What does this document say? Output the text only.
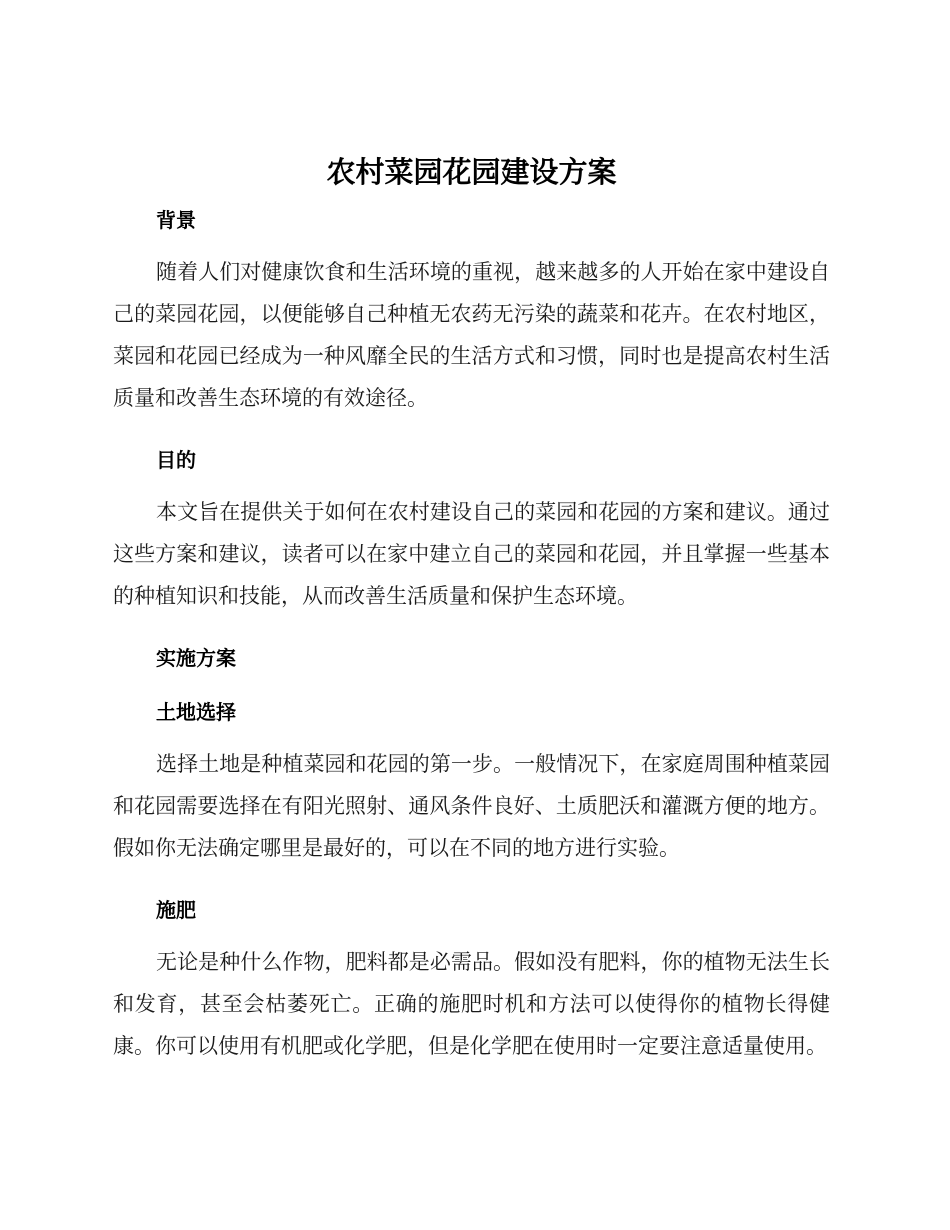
农村菜园花园建设方案
背景

随着人们对健康饮食和生活环境的重视，越来越多的人开始在家中建设自己的菜园花园，以便能够自己种植无农药无污染的蔬菜和花卉。在农村地区，菜园和花园已经成为一种风靡全民的生活方式和习惯，同时也是提高农村生活质量和改善生态环境的有效途径。

目的

本文旨在提供关于如何在农村建设自己的菜园和花园的方案和建议。通过这些方案和建议，读者可以在家中建立自己的菜园和花园，并且掌握一些基本的种植知识和技能，从而改善生活质量和保护生态环境。

实施方案
土地选择

选择土地是种植菜园和花园的第一步。一般情况下，在家庭周围种植菜园和花园需要选择在有阳光照射、通风条件良好、土质肥沃和灌溉方便的地方。假如你无法确定哪里是最好的，可以在不同的地方进行实验。

施肥

无论是种什么作物，肥料都是必需品。假如没有肥料，你的植物无法生长和发育，甚至会枯萎死亡。正确的施肥时机和方法可以使得你的植物长得健康。你可以使用有机肥或化学肥，但是化学肥在使用时一定要注意适量使用。
